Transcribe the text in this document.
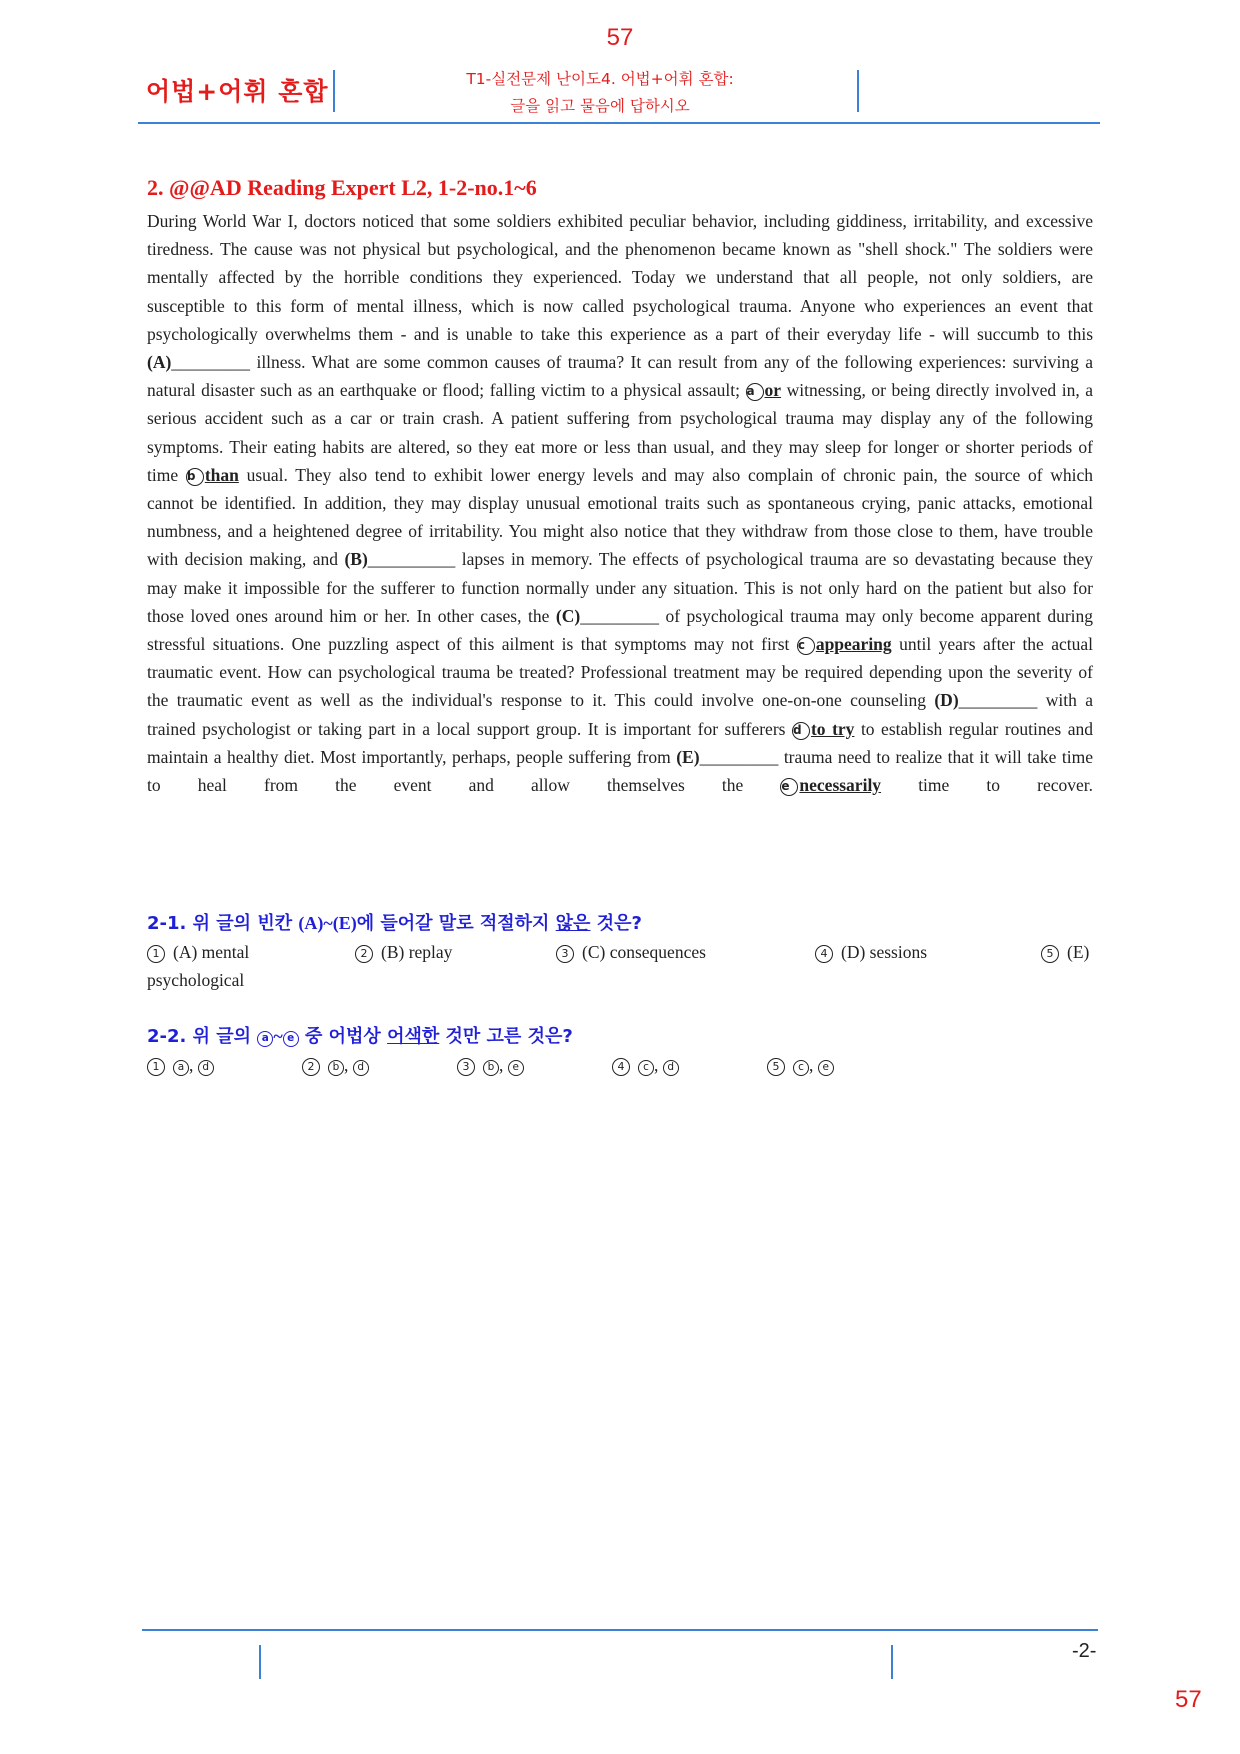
57
어법+어휘 혼합	T1-실전문제 난이도4. 어법+어휘 혼합:
글을 읽고 물음에 답하시오
2. @@AD Reading Expert L2, 1-2-no.1~6
During World War I, doctors noticed that some soldiers exhibited peculiar behavior, including giddiness, irritability, and excessive tiredness. The cause was not physical but psychological, and the phenomenon became known as "shell shock." The soldiers were mentally affected by the horrible conditions they experienced. Today we understand that all people, not only soldiers, are susceptible to this form of mental illness, which is now called psychological trauma. Anyone who experiences an event that psychologically overwhelms them - and is unable to take this experience as a part of their everyday life - will succumb to this (A)_________ illness. What are some common causes of trauma? It can result from any of the following experiences: surviving a natural disaster such as an earthquake or flood; falling victim to a physical assault; a or witnessing, or being directly involved in, a serious accident such as a car or train crash. A patient suffering from psychological trauma may display any of the following symptoms. Their eating habits are altered, so they eat more or less than usual, and they may sleep for longer or shorter periods of time b than usual. They also tend to exhibit lower energy levels and may also complain of chronic pain, the source of which cannot be identified. In addition, they may display unusual emotional traits such as spontaneous crying, panic attacks, emotional numbness, and a heightened degree of irritability. You might also notice that they withdraw from those close to them, have trouble with decision making, and (B)__________ lapses in memory. The effects of psychological trauma are so devastating because they may make it impossible for the sufferer to function normally under any situation. This is not only hard on the patient but also for those loved ones around him or her. In other cases, the (C)_________ of psychological trauma may only become apparent during stressful situations. One puzzling aspect of this ailment is that symptoms may not first c appearing until years after the actual traumatic event. How can psychological trauma be treated? Professional treatment may be required depending upon the severity of the traumatic event as well as the individual's response to it. This could involve one-on-one counseling (D)_________ with a trained psychologist or taking part in a local support group. It is important for sufferers d to try to establish regular routines and maintain a healthy diet. Most importantly, perhaps, people suffering from (E)_________ trauma need to realize that it will take time to heal from the event and allow themselves the	e necessarily time to recover.
2-1. 위 글의 빈칸 (A)~(E)에 들어갈 말로 적절하지 않은 것은?
1 (A) mental	2 (B) replay	3 (C) consequences	4 (D) sessions	5 (E)
psychological
2-2. 위 글의 a ~ e 중 어법상 어색한 것만 고른 것은?
1 a , d	2 b , d	3 b , e	4 c , d	5 c , e
-2-
57
